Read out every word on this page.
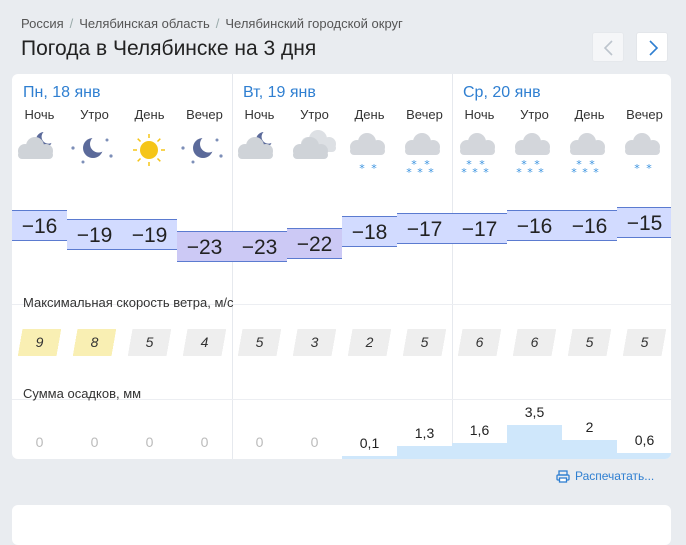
Россия / Челябинская область / Челябинский городской округ
Погода в Челябинске на 3 дня
Пн, 18 янв	Вт, 19 янв	Ср, 20 янв
Максимальная скорость ветра, м/с
Сумма осадков, мм
Ночь
−16
9
0
Утро
−19
8
0
День
−19
5
0
Вечер
−23
4
0
Ночь
−23
5
0
Утро
−22
3
0
День
* *
−18
2
0,1
Вечер
* *
*
* *
−17
5
1,3
Ночь
* *
*
* *
−17
6
1,6
Утро
* *
*
* *
−16
6
3,5
День
* *
*
* *
−16
5
2
Вечер
* *
−15
5
0,6
Распечатать...
